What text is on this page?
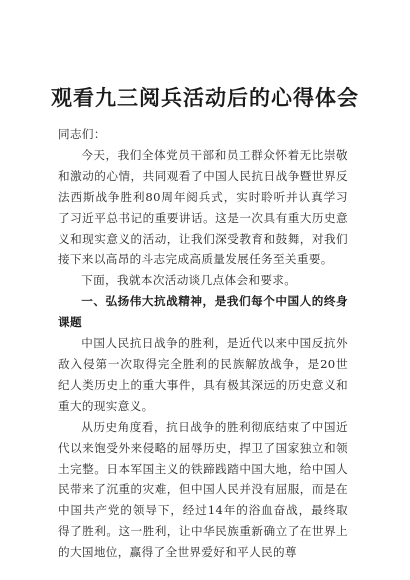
观看九三阅兵活动后的心得体会

同志们：

今天，我们全体党员干部和员工群众怀着无比崇敬和激动的心情，共同观看了中国人民抗日战争暨世界反法西斯战争胜利80周年阅兵式，实时聆听并认真学习了习近平总书记的重要讲话。这是一次具有重大历史意义和现实意义的活动，让我们深受教育和鼓舞，对我们接下来以高昂的斗志完成高质量发展任务至关重要。

下面，我就本次活动谈几点体会和要求。

一、弘扬伟大抗战精神，是我们每个中国人的终身课题

中国人民抗日战争的胜利，是近代以来中国反抗外敌入侵第一次取得完全胜利的民族解放战争，是20世纪人类历史上的重大事件，具有极其深远的历史意义和重大的现实意义。

从历史角度看，抗日战争的胜利彻底结束了中国近代以来饱受外来侵略的屈辱历史，捍卫了国家独立和领土完整。日本军国主义的铁蹄践踏中国大地，给中国人民带来了沉重的灾难，但中国人民并没有屈服，而是在中国共产党的领导下，经过14年的浴血奋战，最终取得了胜利。这一胜利，让中华民族重新确立了在世界上的大国地位，赢得了全世界爱好和平人民的尊
